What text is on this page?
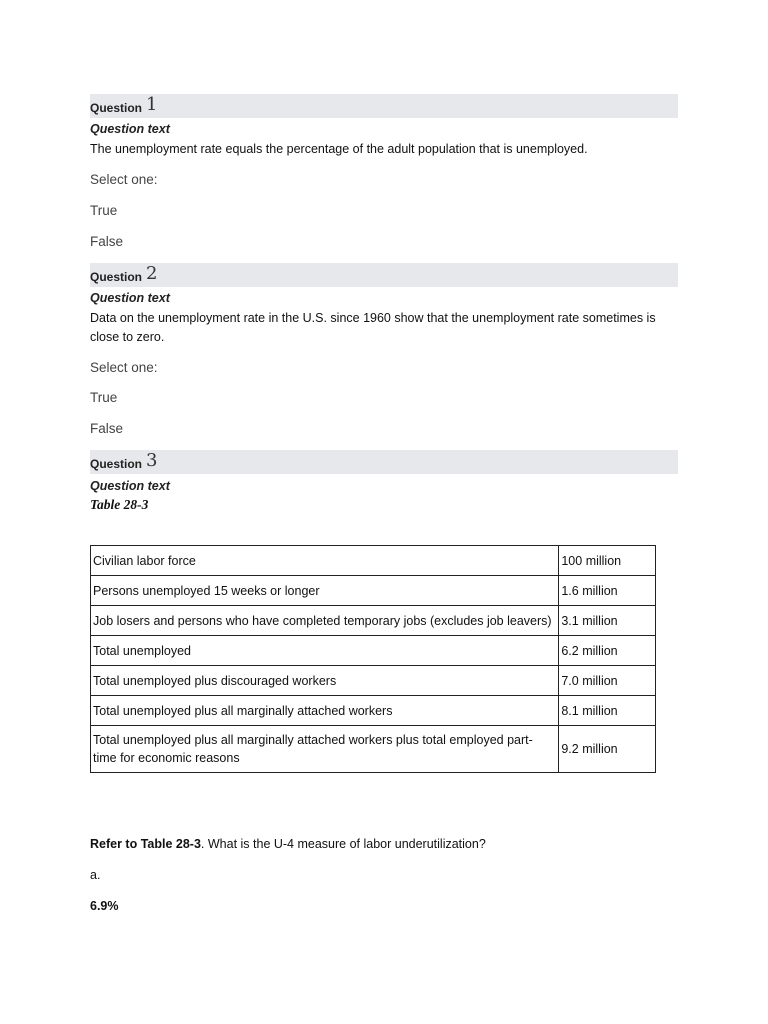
Question 1
Question text
The unemployment rate equals the percentage of the adult population that is unemployed.
Select one:
True
False
Question 2
Question text
Data on the unemployment rate in the U.S. since 1960 show that the unemployment rate sometimes is close to zero.
Select one:
True
False
Question 3
Question text
Table 28-3
Civilian labor force	100 million
Persons unemployed 15 weeks or longer	1.6 million
Job losers and persons who have completed temporary jobs (excludes job leavers)	3.1 million
Total unemployed	6.2 million
Total unemployed plus discouraged workers	7.0 million
Total unemployed plus all marginally attached workers	8.1 million
Total unemployed plus all marginally attached workers plus total employed part-time for economic reasons	9.2 million
Refer to Table 28-3. What is the U-4 measure of labor underutilization?
a.
6.9%
